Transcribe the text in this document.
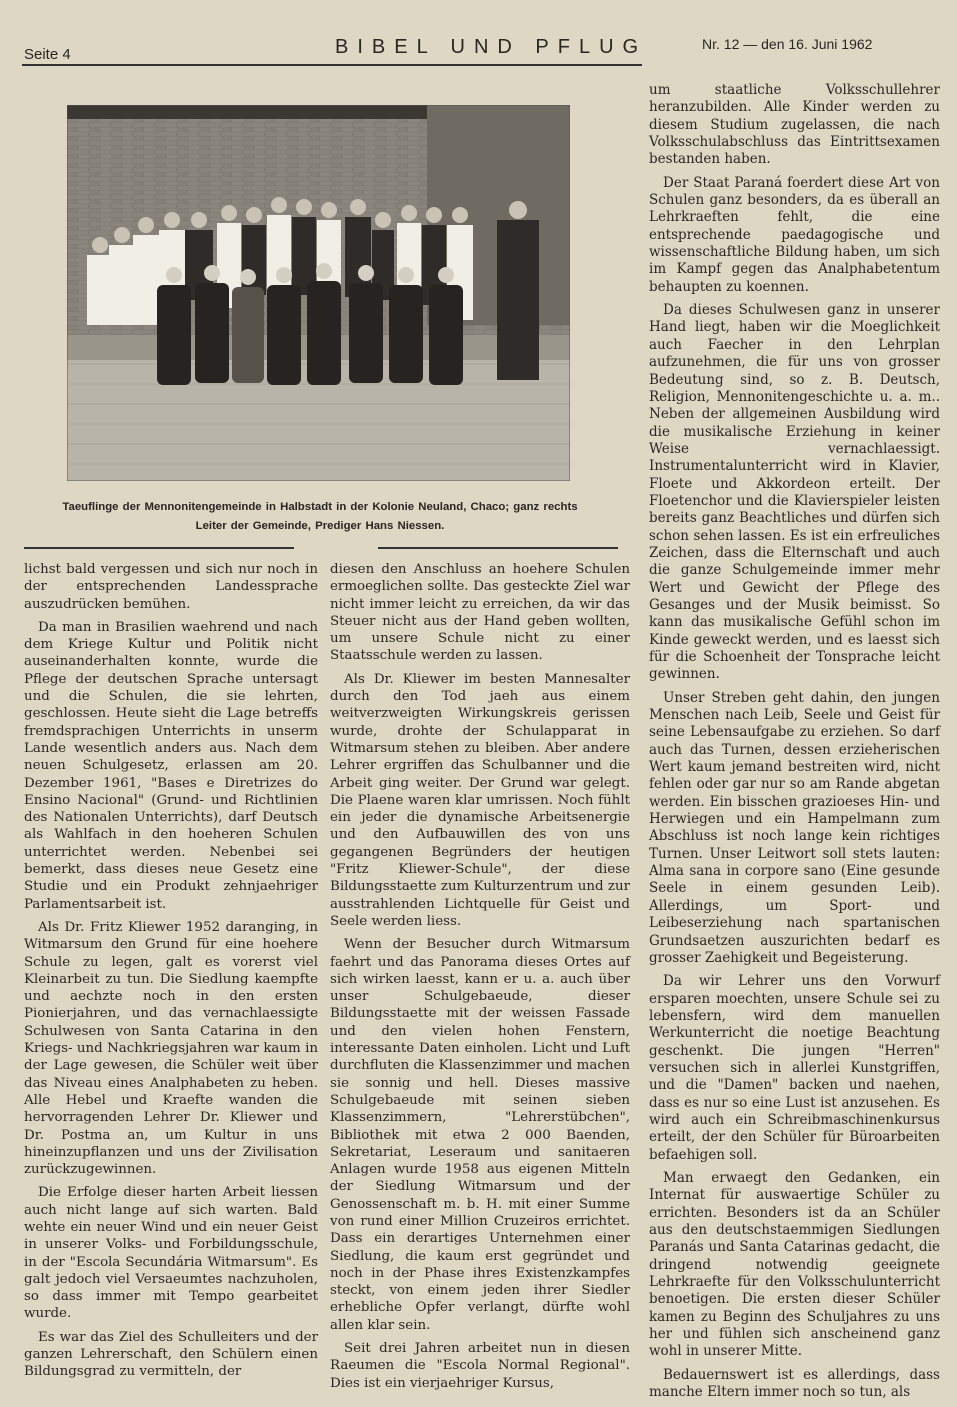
Seite 4	BIBEL UND PFLUG	Nr. 12 — den 16. Juni 1962
Taeuflinge der Mennonitengemeinde in Halbstadt in der Kolonie Neuland, Chaco; ganz rechts Leiter der Gemeinde, Prediger Hans Niessen.

lichst bald vergessen und sich nur noch in der entsprechenden Landessprache auszudrücken bemühen.

Da man in Brasilien waehrend und nach dem Kriege Kultur und Politik nicht auseinanderhalten konnte, wurde die Pflege der deutschen Sprache untersagt und die Schulen, die sie lehrten, geschlossen. Heute sieht die Lage betreffs fremdsprachigen Unterrichts in unserm Lande wesentlich anders aus. Nach dem neuen Schulgesetz, erlassen am 20. Dezember 1961, "Bases e Diretrizes do Ensino Nacional" (Grund- und Richtlinien des Nationalen Unterrichts), darf Deutsch als Wahlfach in den hoeheren Schulen unterrichtet werden. Nebenbei sei bemerkt, dass dieses neue Gesetz eine Studie und ein Produkt zehnjaehriger Parlamentsarbeit ist.

Als Dr. Fritz Kliewer 1952 daranging, in Witmarsum den Grund für eine hoehere Schule zu legen, galt es vorerst viel Kleinarbeit zu tun. Die Siedlung kaempfte und aechzte noch in den ersten Pionierjahren, und das vernachlaessigte Schulwesen von Santa Catarina in den Kriegs- und Nachkriegsjahren war kaum in der Lage gewesen, die Schüler weit über das Niveau eines Analphabeten zu heben. Alle Hebel und Kraefte wanden die hervorragenden Lehrer Dr. Kliewer und Dr. Postma an, um Kultur in uns hineinzupflanzen und uns der Zivilisation zurückzugewinnen.

Die Erfolge dieser harten Arbeit liessen auch nicht lange auf sich warten. Bald wehte ein neuer Wind und ein neuer Geist in unserer Volks- und Forbildungsschule, in der "Escola Secundária Witmarsum". Es galt jedoch viel Versaeumtes nachzuholen, so dass immer mit Tempo gearbeitet wurde.

Es war das Ziel des Schulleiters und der ganzen Lehrerschaft, den Schülern einen Bildungsgrad zu vermitteln, der

diesen den Anschluss an hoehere Schulen ermoeglichen sollte. Das gesteckte Ziel war nicht immer leicht zu erreichen, da wir das Steuer nicht aus der Hand geben wollten, um unsere Schule nicht zu einer Staatsschule werden zu lassen.

Als Dr. Kliewer im besten Mannesalter durch den Tod jaeh aus einem weitverzweigten Wirkungskreis gerissen wurde, drohte der Schulapparat in Witmarsum stehen zu bleiben. Aber andere Lehrer ergriffen das Schulbanner und die Arbeit ging weiter. Der Grund war gelegt. Die Plaene waren klar umrissen. Noch fühlt ein jeder die dynamische Arbeitsenergie und den Aufbauwillen des von uns gegangenen Begründers der heutigen "Fritz Kliewer-Schule", der diese Bildungsstaette zum Kulturzentrum und zur ausstrahlenden Lichtquelle für Geist und Seele werden liess.

Wenn der Besucher durch Witmarsum faehrt und das Panorama dieses Ortes auf sich wirken laesst, kann er u. a. auch über unser Schulgebaeude, dieser Bildungsstaette mit der weissen Fassade und den vielen hohen Fenstern, interessante Daten einholen. Licht und Luft durchfluten die Klassenzimmer und machen sie sonnig und hell. Dieses massive Schulgebaeude mit seinen sieben Klassenzimmern, "Lehrerstübchen", Bibliothek mit etwa 2 000 Baenden, Sekretariat, Leseraum und sanitaeren Anlagen wurde 1958 aus eigenen Mitteln der Siedlung Witmarsum und der Genossenschaft m. b. H. mit einer Summe von rund einer Million Cruzeiros errichtet. Dass ein derartiges Unternehmen einer Siedlung, die kaum erst gegründet und noch in der Phase ihres Existenzkampfes steckt, von einem jeden ihrer Siedler erhebliche Opfer verlangt, dürfte wohl allen klar sein.

Seit drei Jahren arbeitet nun in diesen Raeumen die "Escola Normal Regional". Dies ist ein vierjaehriger Kursus,

um staatliche Volksschullehrer heranzubilden. Alle Kinder werden zu diesem Studium zugelassen, die nach Volksschulabschluss das Eintrittsexamen bestanden haben.

Der Staat Paraná foerdert diese Art von Schulen ganz besonders, da es überall an Lehrkraeften fehlt, die eine entsprechende paedagogische und wissenschaftliche Bildung haben, um sich im Kampf gegen das Analphabetentum behaupten zu koennen.

Da dieses Schulwesen ganz in unserer Hand liegt, haben wir die Moeglichkeit auch Faecher in den Lehrplan aufzunehmen, die für uns von grosser Bedeutung sind, so z. B. Deutsch, Religion, Mennonitengeschichte u. a. m.. Neben der allgemeinen Ausbildung wird die musikalische Erziehung in keiner Weise vernachlaessigt. Instrumentalunterricht wird in Klavier, Floete und Akkordeon erteilt. Der Floetenchor und die Klavierspieler leisten bereits ganz Beachtliches und dürfen sich schon sehen lassen. Es ist ein erfreuliches Zeichen, dass die Elternschaft und auch die ganze Schulgemeinde immer mehr Wert und Gewicht der Pflege des Gesanges und der Musik beimisst. So kann das musikalische Gefühl schon im Kinde geweckt werden, und es laesst sich für die Schoenheit der Tonsprache leicht gewinnen.

Unser Streben geht dahin, den jungen Menschen nach Leib, Seele und Geist für seine Lebensaufgabe zu erziehen. So darf auch das Turnen, dessen erzieherischen Wert kaum jemand bestreiten wird, nicht fehlen oder gar nur so am Rande abgetan werden. Ein bisschen grazioeses Hin- und Herwiegen und ein Hampelmann zum Abschluss ist noch lange kein richtiges Turnen. Unser Leitwort soll stets lauten: Alma sana in corpore sano (Eine gesunde Seele in einem gesunden Leib). Allerdings, um Sport- und Leibeserziehung nach spartanischen Grundsaetzen auszurichten bedarf es grosser Zaehigkeit und Begeisterung.

Da wir Lehrer uns den Vorwurf ersparen moechten, unsere Schule sei zu lebensfern, wird dem manuellen Werkunterricht die noetige Beachtung geschenkt. Die jungen "Herren" versuchen sich in allerlei Kunstgriffen, und die "Damen" backen und naehen, dass es nur so eine Lust ist anzusehen. Es wird auch ein Schreibmaschinenkursus erteilt, der den Schüler für Büroarbeiten befaehigen soll.

Man erwaegt den Gedanken, ein Internat für auswaertige Schüler zu errichten. Besonders ist da an Schüler aus den deutschstaemmigen Siedlungen Paranás und Santa Catarinas gedacht, die dringend notwendig geeignete Lehrkraefte für den Volksschulunterricht benoetigen. Die ersten dieser Schüler kamen zu Beginn des Schuljahres zu uns her und fühlen sich anscheinend ganz wohl in unserer Mitte.

Bedauernswert ist es allerdings, dass manche Eltern immer noch so tun, als
